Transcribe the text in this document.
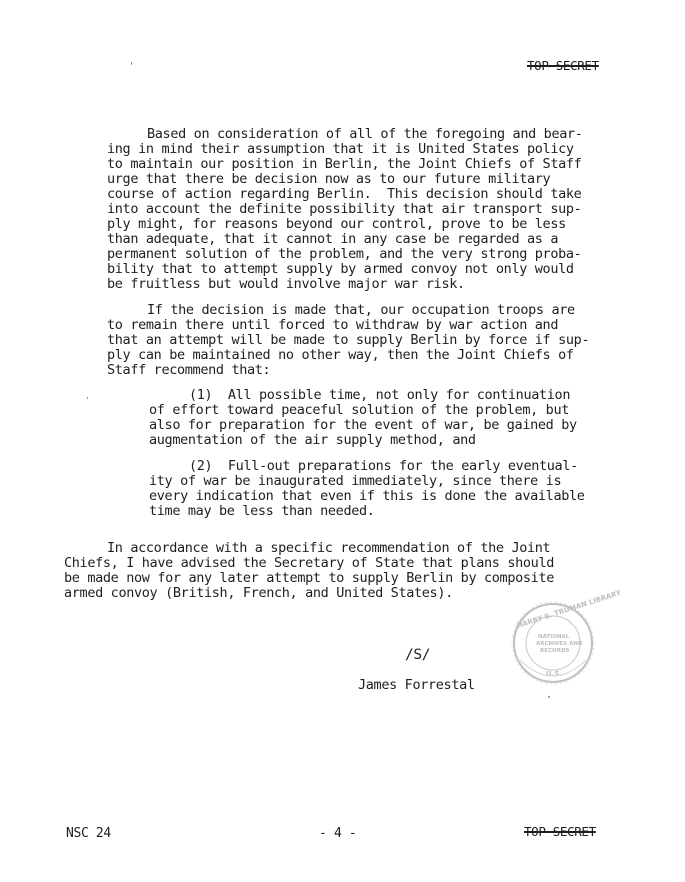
TOP SECRET
Based on consideration of all of the foregoing and bear-
ing in mind their assumption that it is United States policy
to maintain our position in Berlin, the Joint Chiefs of Staff
urge that there be decision now as to our future military
course of action regarding Berlin.  This decision should take
into account the definite possibility that air transport sup-
ply might, for reasons beyond our control, prove to be less
than adequate, that it cannot in any case be regarded as a
permanent solution of the problem, and the very strong proba-
bility that to attempt supply by armed convoy not only would
be fruitless but would involve major war risk.
If the decision is made that, our occupation troops are
to remain there until forced to withdraw by war action and
that an attempt will be made to supply Berlin by force if sup-
ply can be maintained no other way, then the Joint Chiefs of
Staff recommend that:
(1)  All possible time, not only for continuation
of effort toward peaceful solution of the problem, but
also for preparation for the event of war, be gained by
augmentation of the air supply method, and
(2)  Full-out preparations for the early eventual-
ity of war be inaugurated immediately, since there is
every indication that even if this is done the available
time may be less than needed.
In accordance with a specific recommendation of the Joint
Chiefs, I have advised the Secretary of State that plans should
be made now for any later attempt to supply Berlin by composite
armed convoy (British, French, and United States).
/S/
James Forrestal
HARRY S. TRUMAN LIBRARY
NATIONAL
ARCHIVES AND
RECORDS
U.S.
NSC 24	- 4 -	TOP SECRET
